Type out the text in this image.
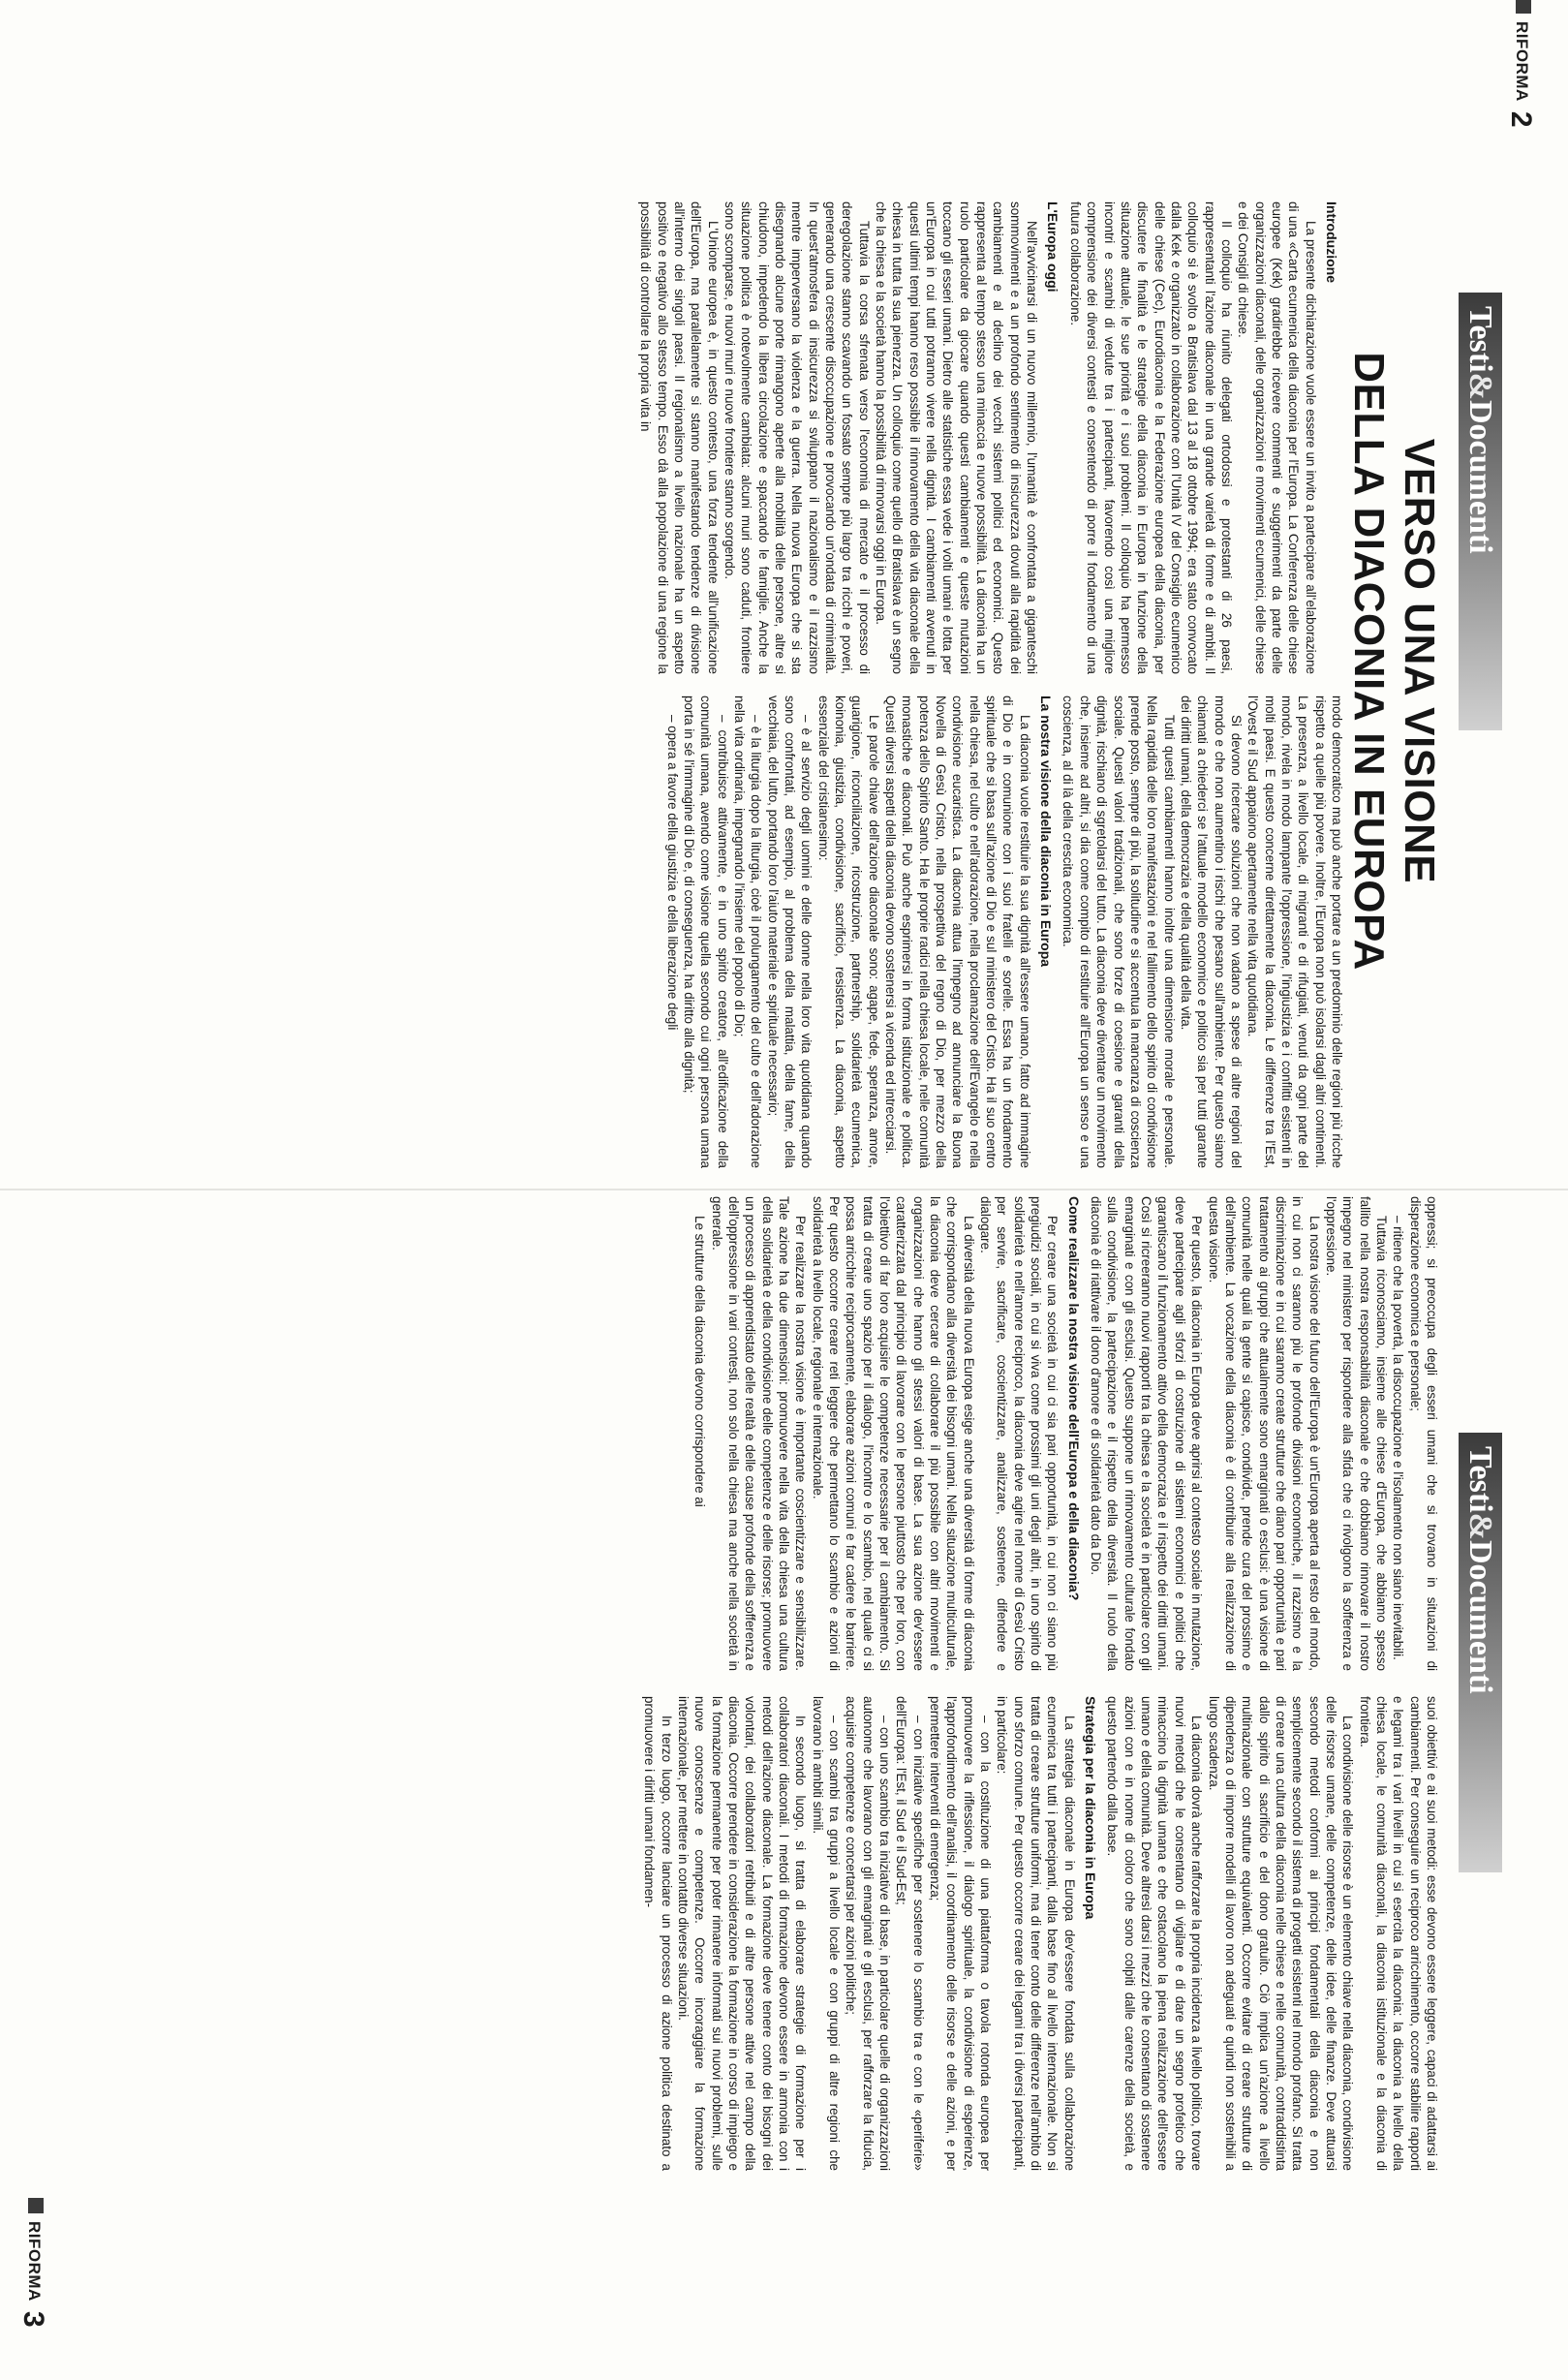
RIFORMA2
Testi&Documenti
VERSO UNA VISIONE
DELLA DIACONIA IN EUROPA
Introduzione

La presente dichiarazione vuole essere un invito a partecipare all'elaborazione di una «Carta ecumenica della diaconia per l'Europa. La Conferenza delle chiese europee (Kek) gradirebbe ricevere commenti e suggerimenti da parte delle organizzazioni diaconali, delle organizzazioni e movimenti ecumenici, delle chiese e dei Consigli di chiese.

Il colloquio ha riunito delegati ortodossi e protestanti di 26 paesi, rappresentanti l'azione diaconale in una grande varietà di forme e di ambiti. Il colloquio si è svolto a Bratislava dal 13 al 18 ottobre 1994; era stato convocato dalla Kek e organizzato in collaborazione con l'Unità IV del Consiglio ecumenico delle chiese (Cec), Eurodiaconia e la Federazione europea della diaconia, per discutere le finalità e le strategie della diaconia in Europa in funzione della situazione attuale, le sue priorità e i suoi problemi. Il colloquio ha permesso incontri e scambi di vedute tra i partecipanti, favorendo così una migliore comprensione dei diversi contesti e consentendo di porre il fondamento di una futura collaborazione.

L'Europa oggi

Nell'avvicinarsi di un nuovo millennio, l'umanità è confrontata a giganteschi sommovimenti e a un profondo sentimento di insicurezza dovuti alla rapidità dei cambiamenti e al declino dei vecchi sistemi politici ed economici. Questo rappresenta al tempo stesso una minaccia e nuove possibilità. La diaconia ha un ruolo particolare da giocare quando questi cambiamenti e queste mutazioni toccano gli esseri umani. Dietro alle statistiche essa vede i volti umani e lotta per un'Europa in cui tutti potranno vivere nella dignità. I cambiamenti avvenuti in questi ultimi tempi hanno reso possibile il rinnovamento della vita diaconale della chiesa in tutta la sua pienezza. Un colloquio come quello di Bratislava è un segno che la chiesa e la società hanno la possibilità di rinnovarsi oggi in Europa.

Tuttavia la corsa sfrenata verso l'economia di mercato e il processo di deregolazione stanno scavando un fossato sempre più largo tra ricchi e poveri, generando una crescente disoccupazione e provocando un'ondata di criminalità. In quest'atmosfera di insicurezza si sviluppano il nazionalismo e il razzismo mentre imperversano la violenza e la guerra. Nella nuova Europa che si sta disegnando alcune porte rimangono aperte alla mobilità delle persone, altre si chiudono, impedendo la libera circolazione e spaccando le famiglie. Anche la situazione politica è notevolmente cambiata: alcuni muri sono caduti, frontiere sono scomparse, e nuovi muri e nuove frontiere stanno sorgendo.

L'Unione europea è, in questo contesto, una forza tendente all'unificazione dell'Europa, ma parallelamente si stanno manifestando tendenze di divisione all'interno dei singoli paesi. Il regionalismo a livello nazionale ha un aspetto positivo e negativo allo stesso tempo. Esso dà alla popolazione di una regione la possibilità di controllare la propria vita in

modo democratico ma può anche portare a un predominio delle regioni più ricche rispetto a quelle più povere. Inoltre, l'Europa non può isolarsi dagli altri continenti. La presenza, a livello locale, di migranti e di rifugiati, venuti da ogni parte del mondo, rivela in modo lampante l'oppressione, l'ingiustizia e i conflitti esistenti in molti paesi. E questo concerne direttamente la diaconia. Le differenze tra l'Est, l'Ovest e il Sud appaiono apertamente nella vita quotidiana.

Si devono ricercare soluzioni che non vadano a spese di altre regioni del mondo e che non aumentino i rischi che pesano sull'ambiente. Per questo siamo chiamati a chiederci se l'attuale modello economico e politico sia per tutti garante dei diritti umani, della democrazia e della qualità della vita.

Tutti questi cambiamenti hanno inoltre una dimensione morale e personale. Nella rapidità delle loro manifestazioni e nel fallimento dello spirito di condivisione prende posto, sempre di più, la solitudine e si accentua la mancanza di coscienza sociale. Questi valori tradizionali, che sono forze di coesione e garanti della dignità, rischiano di sgretolarsi del tutto. La diaconia deve diventare un movimento che, insieme ad altri, si dia come compito di restituire all'Europa un senso e una coscienza, al di là della crescita economica.

La nostra visione della diaconia in Europa

La diaconia vuole restituire la sua dignità all'essere umano, fatto ad immagine di Dio e in comunione con i suoi fratelli e sorelle. Essa ha un fondamento spirituale che si basa sull'azione di Dio e sul ministero del Cristo. Ha il suo centro nella chiesa, nel culto e nell'adorazione, nella proclamazione dell'Evangelo e nella condivisione eucaristica. La diaconia attua l'impegno ad annunciare la Buona Novella di Gesù Cristo, nella prospettiva del regno di Dio, per mezzo della potenza dello Spirito Santo. Ha le proprie radici nella chiesa locale, nelle comunità monastiche e diaconali. Può anche esprimersi in forma istituzionale e politica. Questi diversi aspetti della diaconia devono sostenersi a vicenda ed intrecciarsi.

Le parole chiave dell'azione diaconale sono: agape, fede, speranza, amore, guarigione, riconciliazione, ricostruzione, partnership, solidarietà ecumenica, koinonia, giustizia, condivisione, sacrificio, resistenza. La diaconia, aspetto essenziale del cristianesimo:

– è al servizio degli uomini e delle donne nella loro vita quotidiana quando sono confrontati, ad esempio, al problema della malattia, della fame, della vecchiaia, del lutto, portando loro l'aiuto materiale e spirituale necessario;

– è la liturgia dopo la liturgia, cioè il prolungamento del culto e dell'adorazione nella vita ordinaria, impegnando l'insieme del popolo di Dio;

– contribuisce attivamente, e in uno spirito creatore, all'edificazione della comunità umana, avendo come visione quella secondo cui ogni persona umana porta in sé l'immagine di Dio e, di conseguenza, ha diritto alla dignità;

– opera a favore della giustizia e della liberazione degli

Testi&Documenti
RIFORMA3

oppressi; si preoccupa degli esseri umani che si trovano in situazioni di disperazione economica e personale;

– ritiene che la povertà, la disoccupazione e l'isolamento non siano inevitabili.

Tuttavia riconosciamo, insieme alle chiese d'Europa, che abbiamo spesso fallito nella nostra responsabilità diaconale e che dobbiamo rinnovare il nostro impegno nel ministero per rispondere alla sfida che ci rivolgono la sofferenza e l'oppressione.

La nostra visione del futuro dell'Europa è un'Europa aperta al resto del mondo, in cui non ci saranno più le profonde divisioni economiche, il razzismo e la discriminazione e in cui saranno create strutture che diano pari opportunità e pari trattamento ai gruppi che attualmente sono emarginati o esclusi: è una visione di comunità nelle quali la gente si capisce, condivide, prende cura del prossimo e dell'ambiente. La vocazione della diaconia è di contribuire alla realizzazione di questa visione.

Per questo, la diaconia in Europa deve aprirsi al contesto sociale in mutazione, deve partecipare agli sforzi di costruzione di sistemi economici e politici che garantiscano il funzionamento attivo della democrazia e il rispetto dei diritti umani. Così si ricreeranno nuovi rapporti tra la chiesa e la società e in particolare con gli emarginati e con gli esclusi. Questo suppone un rinnovamento culturale fondato sulla condivisione, la partecipazione e il rispetto della diversità. Il ruolo della diaconia è di riattivare il dono d'amore e di solidarietà dato da Dio.

Come realizzare la nostra visione dell'Europa e della diaconia?

Per creare una società in cui ci sia pari opportunità, in cui non ci siano più pregiudizi sociali, in cui si viva come prossimi gli uni degli altri, in uno spirito di solidarietà e nell'amore reciproco, la diaconia deve agire nel nome di Gesù Cristo per servire, sacrificare, coscientizzare, analizzare, sostenere, difendere e dialogare.

La diversità della nuova Europa esige anche una diversità di forme di diaconia che corrispondano alla diversità dei bisogni umani. Nella situazione multiculturale, la diaconia deve cercare di collaborare il più possibile con altri movimenti e organizzazioni che hanno gli stessi valori di base. La sua azione dev'essere caratterizzata dal principio di lavorare con le persone piuttosto che per loro, con l'obiettivo di far loro acquisire le competenze necessarie per il cambiamento. Si tratta di creare uno spazio per il dialogo, l'incontro e lo scambio, nel quale ci si possa arricchire reciprocamente, elaborare azioni comuni e far cadere le barriere. Per questo occorre creare reti leggere che permettano lo scambio e azioni di solidarietà a livello locale, regionale e internazionale.

Per realizzare la nostra visione è importante coscientizzare e sensibilizzare. Tale azione ha due dimensioni: promuovere nella vita della chiesa una cultura della solidarietà e della condivisione delle competenze e delle risorse; promuovere un processo di apprendistato delle realtà e delle cause profonde della sofferenza e dell'oppressione in vari contesti, non solo nella chiesa ma anche nella società in generale.

Le strutture della diaconia devono corrispondere ai

suoi obiettivi e ai suoi metodi: esse devono essere leggere, capaci di adattarsi ai cambiamenti. Per conseguire un reciproco arricchimento, occorre stabilire rapporti e legami tra i vari livelli in cui si esercita la diaconia: la diaconia a livello della chiesa locale, le comunità diaconali, la diaconia istituzionale e la diaconia di frontiera.

La condivisione delle risorse è un elemento chiave nella diaconia, condivisione delle risorse umane, delle competenze, delle idee, delle finanze. Deve attuarsi secondo metodi conformi ai principi fondamentali della diaconia e non semplicemente secondo il sistema di progetti esistenti nel mondo profano. Si tratta di creare una cultura della diaconia nelle chiese e nelle comunità, contraddistinta dallo spirito di sacrificio e del dono gratuito. Ciò implica un'azione a livello multinazionale con strutture equivalenti. Occorre evitare di creare strutture di dipendenza o di imporre modelli di lavoro non adeguati e quindi non sostenibili a lungo scadenza.

La diaconia dovrà anche rafforzare la propria incidenza a livello politico, trovare nuovi metodi che le consentano di vigilare e di dare un segno profetico che minaccino la dignità umana e che ostacolano la piena realizzazione dell'essere umano e della comunità. Deve altresì darsi i mezzi che le consentano di sostenere azioni con e in nome di coloro che sono colpiti dalle carenze della società, e questo partendo dalla base.

Strategia per la diaconia in Europa

La strategia diaconale in Europa dev'essere fondata sulla collaborazione ecumenica tra tutti i partecipanti, dalla base fino al livello internazionale. Non si tratta di creare strutture uniformi, ma di tener conto delle differenze nell'ambito di uno sforzo comune. Per questo occorre creare dei legami tra i diversi partecipanti, in particolare:

– con la costituzione di una piattaforma o tavola rotonda europea per promuovere la riflessione, il dialogo spirituale, la condivisione di esperienze, l'approfondimento dell'analisi, il coordinamento delle risorse e delle azioni, e per permettere interventi di emergenza;

– con iniziative specifiche per sostenere lo scambio tra e con le «periferie» dell'Europa: l'Est, il Sud e il Sud-Est;

– con uno scambio tra iniziative di base, in particolare quelle di organizzazioni autonome che lavorano con gli emarginati e gli esclusi, per rafforzare la fiducia, acquisire competenze e concertarsi per azioni politiche;

– con scambi tra gruppi a livello locale e con gruppi di altre regioni che lavorano in ambiti simili.

In secondo luogo, si tratta di elaborare strategie di formazione per i collaboratori diaconali. I metodi di formazione devono essere in armonia con i metodi dell'azione diaconale. La formazione deve tenere conto dei bisogni dei volontari, dei collaboratori retribuiti e di altre persone attive nel campo della diaconia. Occorre prendere in considerazione la formazione in corso di impiego e la formazione permanente per poter rimanere informati sui nuovi problemi, sulle nuove conoscenze e competenze. Occorre incoraggiare la formazione internazionale, per mettere in contatto diverse situazioni.

In terzo luogo, occorre lanciare un processo di azione politica destinato a promuovere i diritti umani fondamen-
